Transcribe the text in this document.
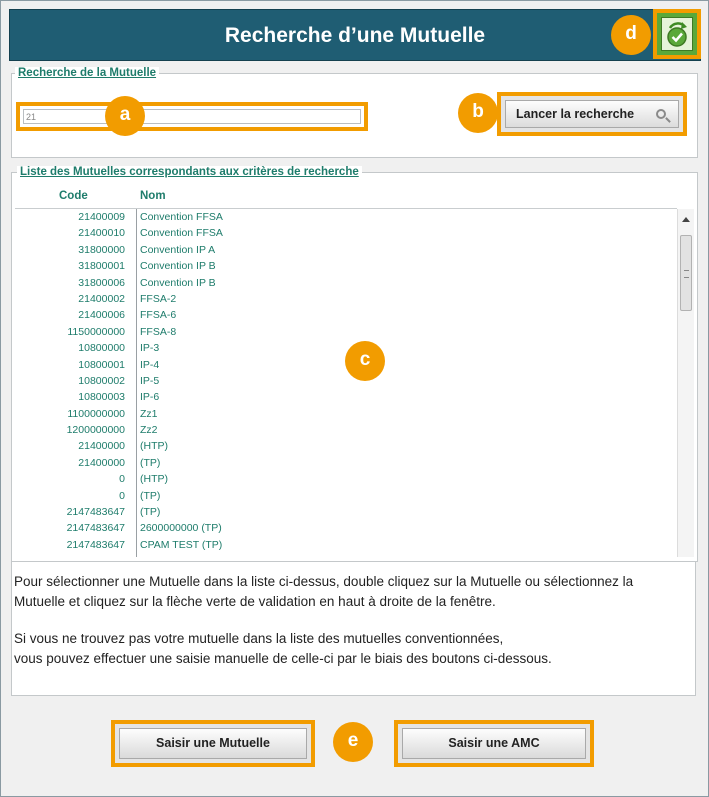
Recherche d’une Mutuelle	d
Recherche de la Mutuelle
21
a	b	Lancer la recherche
Liste des Mutuelles correspondants aux critères de recherche
Code	Nom
21400009 Convention FFSA
21400010 Convention FFSA
31800000 Convention IP A
31800001 Convention IP B
31800006 Convention IP B
21400002 FFSA-2
21400006 FFSA-6
1150000000 FFSA-8
10800000 IP-3
10800001 IP-4
10800002 IP-5
10800003 IP-6
1100000000 Zz1
1200000000 Zz2
21400000 (HTP)
21400000 (TP)
0 (HTP)
0 (TP)
2147483647 (TP)
2147483647 2600000000 (TP)
2147483647 CPAM TEST (TP)
c
Pour sélectionner une Mutuelle dans la liste ci-dessus, double cliquez sur la Mutuelle ou sélectionnez la
Mutuelle et cliquez sur la flèche verte de validation en haut à droite de la fenêtre.
Si vous ne trouvez pas votre mutuelle dans la liste des mutuelles conventionnées,
vous pouvez effectuer une saisie manuelle de celle-ci par le biais des boutons ci-dessous.
Saisir une Mutuelle	e	Saisir une AMC
